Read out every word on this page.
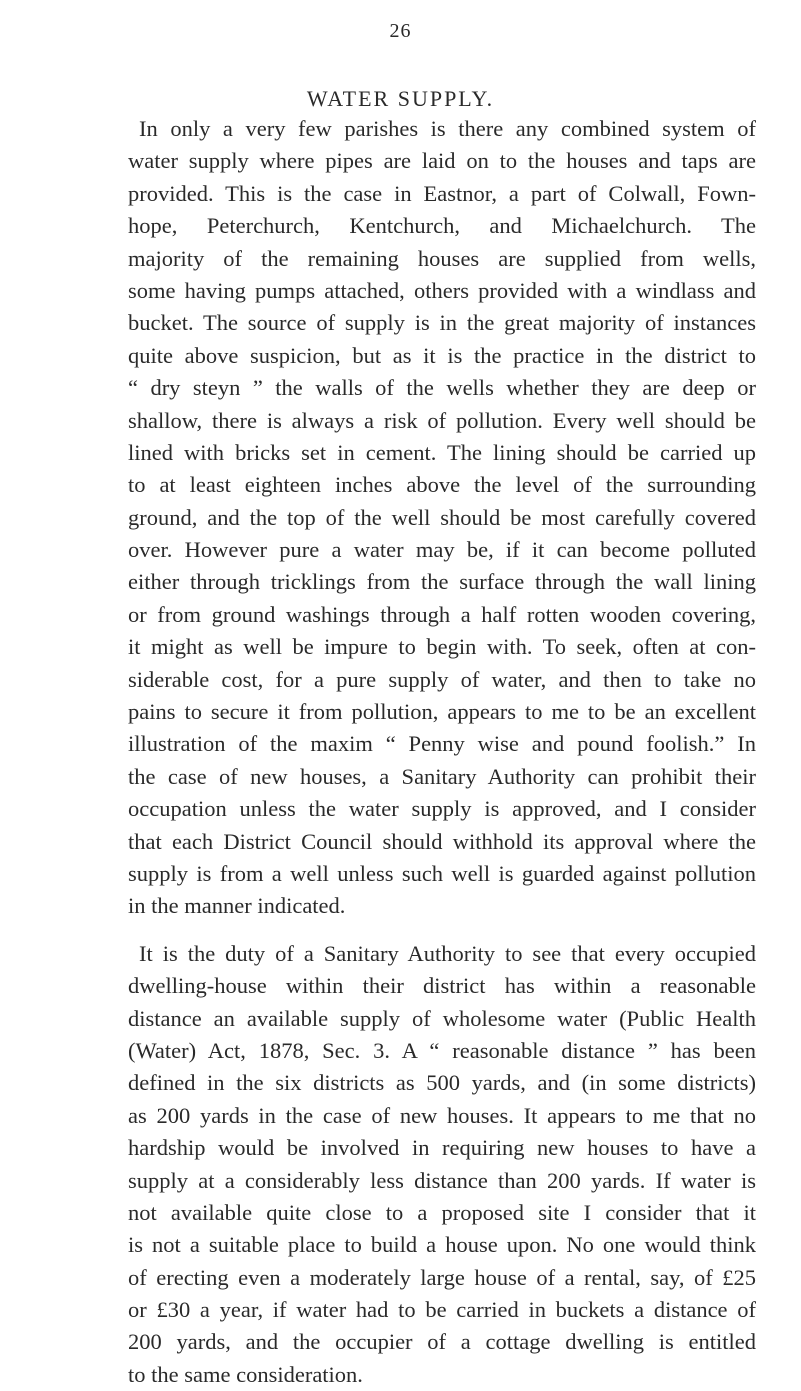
26
WATER SUPPLY.
In only a very few parishes is there any combined system of
water supply where pipes are laid on to the houses and taps are
provided. This is the case in Eastnor, a part of Colwall, Fown-
hope, Peterchurch, Kentchurch, and Michaelchurch. The
majority of the remaining houses are supplied from wells,
some having pumps attached, others provided with a windlass and
bucket. The source of supply is in the great majority of instances
quite above suspicion, but as it is the practice in the district to
“ dry steyn ” the walls of the wells whether they are deep or
shallow, there is always a risk of pollution. Every well should be
lined with bricks set in cement. The lining should be carried up
to at least eighteen inches above the level of the surrounding
ground, and the top of the well should be most carefully covered
over. However pure a water may be, if it can become polluted
either through tricklings from the surface through the wall lining
or from ground washings through a half rotten wooden covering,
it might as well be impure to begin with. To seek, often at con-
siderable cost, for a pure supply of water, and then to take no
pains to secure it from pollution, appears to me to be an excellent
illustration of the maxim “ Penny wise and pound foolish.” In
the case of new houses, a Sanitary Authority can prohibit their
occupation unless the water supply is approved, and I consider
that each District Council should withhold its approval where the
supply is from a well unless such well is guarded against pollution
in the manner indicated.
It is the duty of a Sanitary Authority to see that every occupied
dwelling-house within their district has within a reasonable
distance an available supply of wholesome water (Public Health
(Water) Act, 1878, Sec. 3. A “ reasonable distance ” has been
defined in the six districts as 500 yards, and (in some districts)
as 200 yards in the case of new houses. It appears to me that no
hardship would be involved in requiring new houses to have a
supply at a considerably less distance than 200 yards. If water is
not available quite close to a proposed site I consider that it
is not a suitable place to build a house upon. No one would think
of erecting even a moderately large house of a rental, say, of £25
or £30 a year, if water had to be carried in buckets a distance of
200 yards, and the occupier of a cottage dwelling is entitled
to the same consideration.
